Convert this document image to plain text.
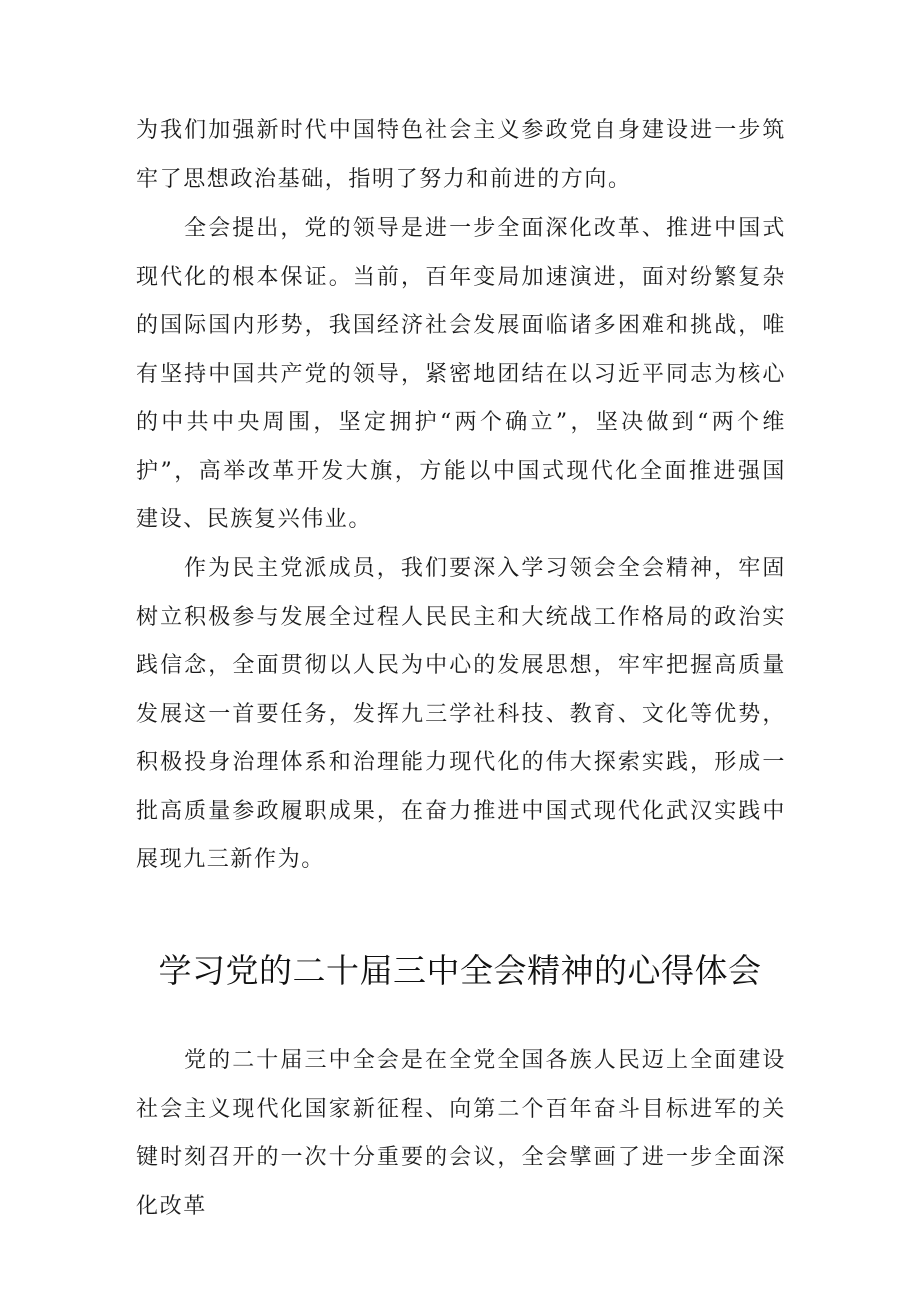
为我们加强新时代中国特色社会主义参政党自身建设进一步筑牢了思想政治基础，指明了努力和前进的方向。

全会提出，党的领导是进一步全面深化改革、推进中国式现代化的根本保证。当前，百年变局加速演进，面对纷繁复杂的国际国内形势，我国经济社会发展面临诸多困难和挑战，唯有坚持中国共产党的领导，紧密地团结在以习近平同志为核心的中共中央周围，坚定拥护“两个确立”，坚决做到“两个维护”，高举改革开发大旗，方能以中国式现代化全面推进强国建设、民族复兴伟业。

作为民主党派成员，我们要深入学习领会全会精神，牢固树立积极参与发展全过程人民民主和大统战工作格局的政治实践信念，全面贯彻以人民为中心的发展思想，牢牢把握高质量发展这一首要任务，发挥九三学社科技、教育、文化等优势，积极投身治理体系和治理能力现代化的伟大探索实践，形成一批高质量参政履职成果，在奋力推进中国式现代化武汉实践中展现九三新作为。

学习党的二十届三中全会精神的心得体会

党的二十届三中全会是在全党全国各族人民迈上全面建设社会主义现代化国家新征程、向第二个百年奋斗目标进军的关键时刻召开的一次十分重要的会议，全会擘画了进一步全面深化改革
